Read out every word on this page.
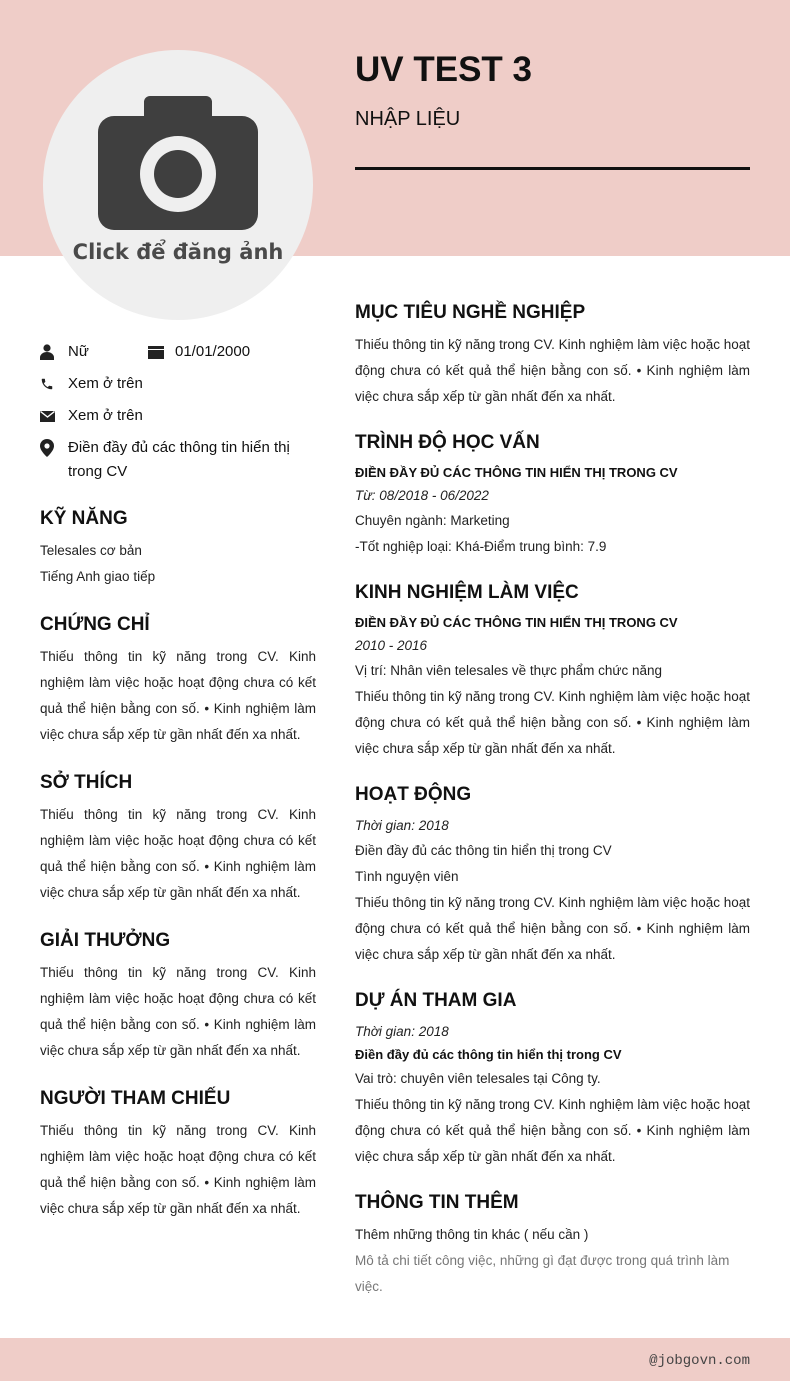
Click để đăng ảnh
UV TEST 3
NHẬP LIỆU
Nữ	01/01/2000
Xem ở trên
Xem ở trên
Điền đầy đủ các thông tin hiển thị trong CV
KỸ NĂNG
Telesales cơ bản
Tiếng Anh giao tiếp
CHỨNG CHỈ
Thiếu thông tin kỹ năng trong CV. Kinh nghiệm làm việc hoặc hoạt động chưa có kết quả thể hiện bằng con số. • Kinh nghiệm làm việc chưa sắp xếp từ gần nhất đến xa nhất.
SỞ THÍCH
Thiếu thông tin kỹ năng trong CV. Kinh nghiệm làm việc hoặc hoạt động chưa có kết quả thể hiện bằng con số. • Kinh nghiệm làm việc chưa sắp xếp từ gần nhất đến xa nhất.
GIẢI THƯỞNG
Thiếu thông tin kỹ năng trong CV. Kinh nghiệm làm việc hoặc hoạt động chưa có kết quả thể hiện bằng con số. • Kinh nghiệm làm việc chưa sắp xếp từ gần nhất đến xa nhất.
NGƯỜI THAM CHIẾU
Thiếu thông tin kỹ năng trong CV. Kinh nghiệm làm việc hoặc hoạt động chưa có kết quả thể hiện bằng con số. • Kinh nghiệm làm việc chưa sắp xếp từ gần nhất đến xa nhất.
MỤC TIÊU NGHỀ NGHIỆP
Thiếu thông tin kỹ năng trong CV. Kinh nghiệm làm việc hoặc hoạt động chưa có kết quả thể hiện bằng con số. • Kinh nghiệm làm việc chưa sắp xếp từ gần nhất đến xa nhất.
TRÌNH ĐỘ HỌC VẤN
ĐIỀN ĐẦY ĐỦ CÁC THÔNG TIN HIỂN THỊ TRONG CV
Từ: 08/2018 - 06/2022
Chuyên ngành: Marketing
-Tốt nghiệp loại: Khá-Điểm trung bình: 7.9
KINH NGHIỆM LÀM VIỆC
ĐIỀN ĐẦY ĐỦ CÁC THÔNG TIN HIỂN THỊ TRONG CV
2010 - 2016
Vị trí: Nhân viên telesales về thực phẩm chức năng
Thiếu thông tin kỹ năng trong CV. Kinh nghiệm làm việc hoặc hoạt động chưa có kết quả thể hiện bằng con số. • Kinh nghiệm làm việc chưa sắp xếp từ gần nhất đến xa nhất.
HOẠT ĐỘNG
Thời gian: 2018
Điền đầy đủ các thông tin hiển thị trong CV
Tình nguyện viên
Thiếu thông tin kỹ năng trong CV. Kinh nghiệm làm việc hoặc hoạt động chưa có kết quả thể hiện bằng con số. • Kinh nghiệm làm việc chưa sắp xếp từ gần nhất đến xa nhất.
DỰ ÁN THAM GIA
Thời gian: 2018
Điền đầy đủ các thông tin hiển thị trong CV
Vai trò: chuyên viên telesales tại Công ty.
Thiếu thông tin kỹ năng trong CV. Kinh nghiệm làm việc hoặc hoạt động chưa có kết quả thể hiện bằng con số. • Kinh nghiệm làm việc chưa sắp xếp từ gần nhất đến xa nhất.
THÔNG TIN THÊM
Thêm những thông tin khác ( nếu cần )
Mô tả chi tiết công việc, những gì đạt được trong quá trình làm việc.
@jobgovn.com
